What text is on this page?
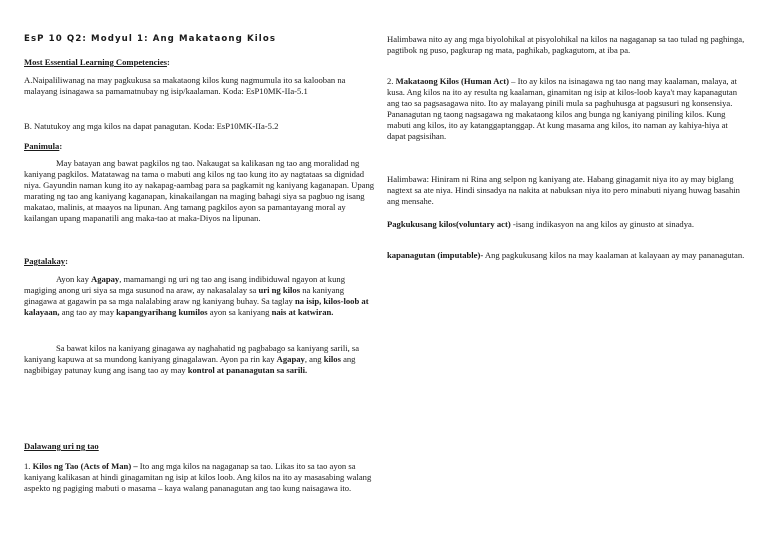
EsP 10 Q2: Modyul 1: Ang Makataong Kilos

Most Essential Learning Competencies:

A.Naipaliliwanag na may pagkukusa sa makataong kilos kung nagmumula ito sa kalooban na malayang isinagawa sa pamamatnubay ng isip/kaalaman. Koda: EsP10MK-IIa-5.1

B. Natutukoy ang mga kilos na dapat panagutan. Koda: EsP10MK-IIa-5.2

Panimula:

May batayan ang bawat pagkilos ng tao. Nakaugat sa kalikasan ng tao ang moralidad ng kaniyang pagkilos. Matatawag na tama o mabuti ang kilos ng tao kung ito ay nagtataas sa dignidad niya. Gayundin naman kung ito ay nakapag-aambag para sa pagkamit ng kaniyang kaganapan. Upang marating ng tao ang kaniyang kaganapan, kinakailangan na maging bahagi siya sa pagbuo ng isang makatao, malinis, at maayos na lipunan. Ang tamang pagkilos ayon sa pamantayang moral ay kailangan upang mapanatili ang maka-tao at maka-Diyos na lipunan.

Pagtalakay:

Ayon kay Agapay, mamamangi ng uri ng tao ang isang indibiduwal ngayon at kung magiging anong uri siya sa mga susunod na araw, ay nakasalalay sa uri ng kilos na kaniyang ginagawa at gagawin pa sa mga nalalabing araw ng kaniyang buhay. Sa taglay na isip, kilos-loob at kalayaan, ang tao ay may kapangyarihang kumilos ayon sa kaniyang nais at katwiran.

Sa bawat kilos na kaniyang ginagawa ay naghahatid ng pagbabago sa kaniyang sarili, sa kaniyang kapuwa at sa mundong kaniyang ginagalawan. Ayon pa rin kay Agapay, ang kilos ang nagbibigay patunay kung ang isang tao ay may kontrol at pananagutan sa sarili.

Dalawang uri ng tao

1. Kilos ng Tao (Acts of Man) – Ito ang mga kilos na nagaganap sa tao. Likas ito sa tao ayon sa kaniyang kalikasan at hindi ginagamitan ng isip at kilos loob. Ang kilos na ito ay masasabing walang aspekto ng pagiging mabuti o masama – kaya walang pananagutan ang tao kung naisagawa ito.

Halimbawa nito ay ang mga biyolohikal at pisyolohikal na kilos na nagaganap sa tao tulad ng paghinga, pagtibok ng puso, pagkurap ng mata, paghikab, pagkagutom, at iba pa.

2. Makataong Kilos (Human Act) – Ito ay kilos na isinagawa ng tao nang may kaalaman, malaya, at kusa. Ang kilos na ito ay resulta ng kaalaman, ginamitan ng isip at kilos-loob kaya't may kapanagutan ang tao sa pagsasagawa nito. Ito ay malayang pinili mula sa paghuhusga at pagsusuri ng konsensiya. Pananagutan ng taong nagsagawa ng makataong kilos ang bunga ng kaniyang piniling kilos. Kung mabuti ang kilos, ito ay katanggaptanggap. At kung masama ang kilos, ito naman ay kahiya-hiya at dapat pagsisihan.

Halimbawa: Hiniram ni Rina ang selpon ng kaniyang ate. Habang ginagamit niya ito ay may biglang nagtext sa ate niya. Hindi sinsadya na nakita at nabuksan niya ito pero minabuti niyang huwag basahin ang mensahe.

Pagkukusang kilos(voluntary act) -isang indikasyon na ang kilos ay ginusto at sinadya.

kapanagutan (imputable)- Ang pagkukusang kilos na may kaalaman at kalayaan ay may pananagutan.
